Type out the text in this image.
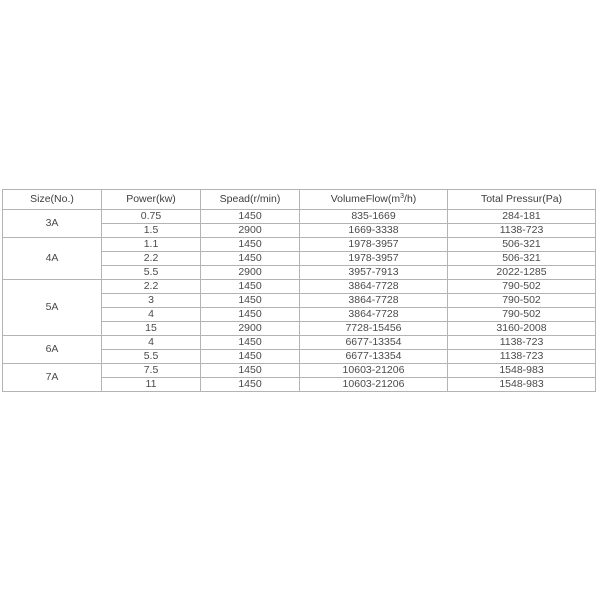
Size(No.)	Power(kw)	Spead(r/min)	$VolumeFlow(m^3/h)$	Total Pressur(Pa)
3A	0.75	1450	835-1669	284-181
	1.5	2900	1669-3338	1138-723
4A	1.1	1450	1978-3957	506-321
	2.2	1450	1978-3957	506-321
	5.5	2900	3957-7913	2022-1285
5A	2.2	1450	3864-7728	790-502
	3	1450	3864-7728	790-502
	4	1450	3864-7728	790-502
	15	2900	7728-15456	3160-2008
6A	4	1450	6677-13354	1138-723
	5.5	1450	6677-13354	1138-723
7A	7.5	1450	10603-21206	1548-983
	11	1450	10603-21206	1548-983
